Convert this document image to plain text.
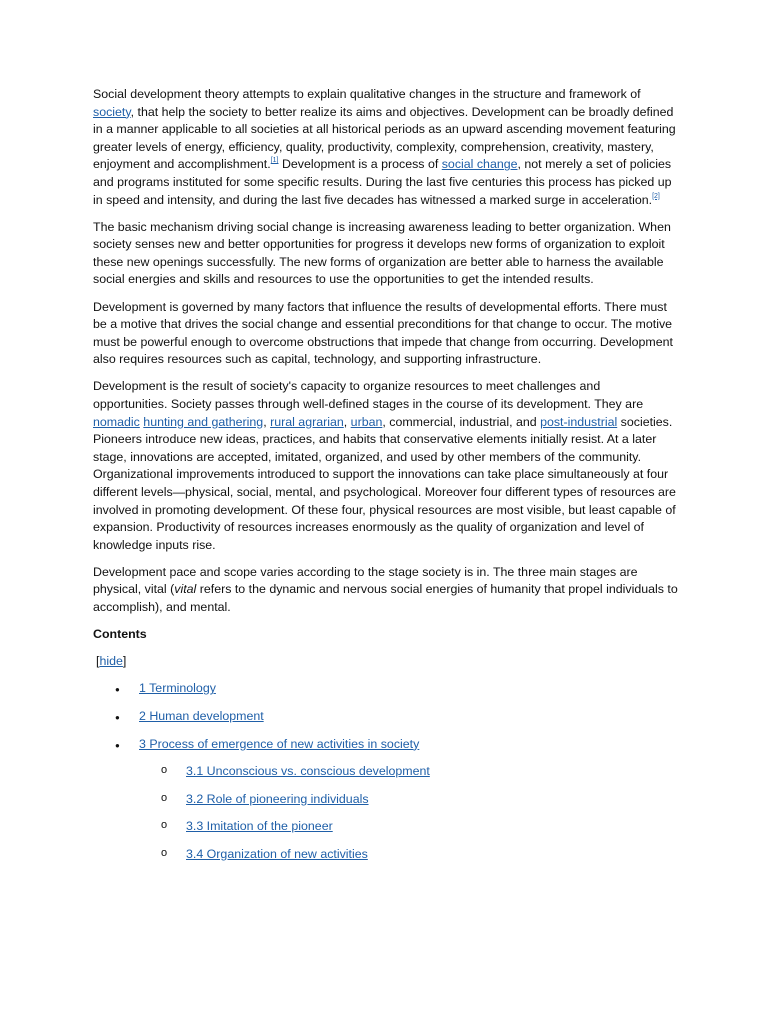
Social development theory attempts to explain qualitative changes in the structure and framework of society, that help the society to better realize its aims and objectives. Development can be broadly defined in a manner applicable to all societies at all historical periods as an upward ascending movement featuring greater levels of energy, efficiency, quality, productivity, complexity, comprehension, creativity, mastery, enjoyment and accomplishment.[1] Development is a process of social change, not merely a set of policies and programs instituted for some specific results. During the last five centuries this process has picked up in speed and intensity, and during the last five decades has witnessed a marked surge in acceleration.[2]

The basic mechanism driving social change is increasing awareness leading to better organization. When society senses new and better opportunities for progress it develops new forms of organization to exploit these new openings successfully. The new forms of organization are better able to harness the available social energies and skills and resources to use the opportunities to get the intended results.

Development is governed by many factors that influence the results of developmental efforts. There must be a motive that drives the social change and essential preconditions for that change to occur. The motive must be powerful enough to overcome obstructions that impede that change from occurring. Development also requires resources such as capital, technology, and supporting infrastructure.

Development is the result of society's capacity to organize resources to meet challenges and opportunities. Society passes through well-defined stages in the course of its development. They are nomadic hunting and gathering, rural agrarian, urban, commercial, industrial, and post-industrial societies. Pioneers introduce new ideas, practices, and habits that conservative elements initially resist. At a later stage, innovations are accepted, imitated, organized, and used by other members of the community. Organizational improvements introduced to support the innovations can take place simultaneously at four different levels—physical, social, mental, and psychological. Moreover four different types of resources are involved in promoting development. Of these four, physical resources are most visible, but least capable of expansion. Productivity of resources increases enormously as the quality of organization and level of knowledge inputs rise.

Development pace and scope varies according to the stage society is in. The three main stages are physical, vital (vital refers to the dynamic and nervous social energies of humanity that propel individuals to accomplish), and mental.

Contents
[hide]
● 1 Terminology
● 2 Human development
● 3 Process of emergence of new activities in society
o 3.1 Unconscious vs. conscious development
o 3.2 Role of pioneering individuals
o 3.3 Imitation of the pioneer
o 3.4 Organization of new activities
